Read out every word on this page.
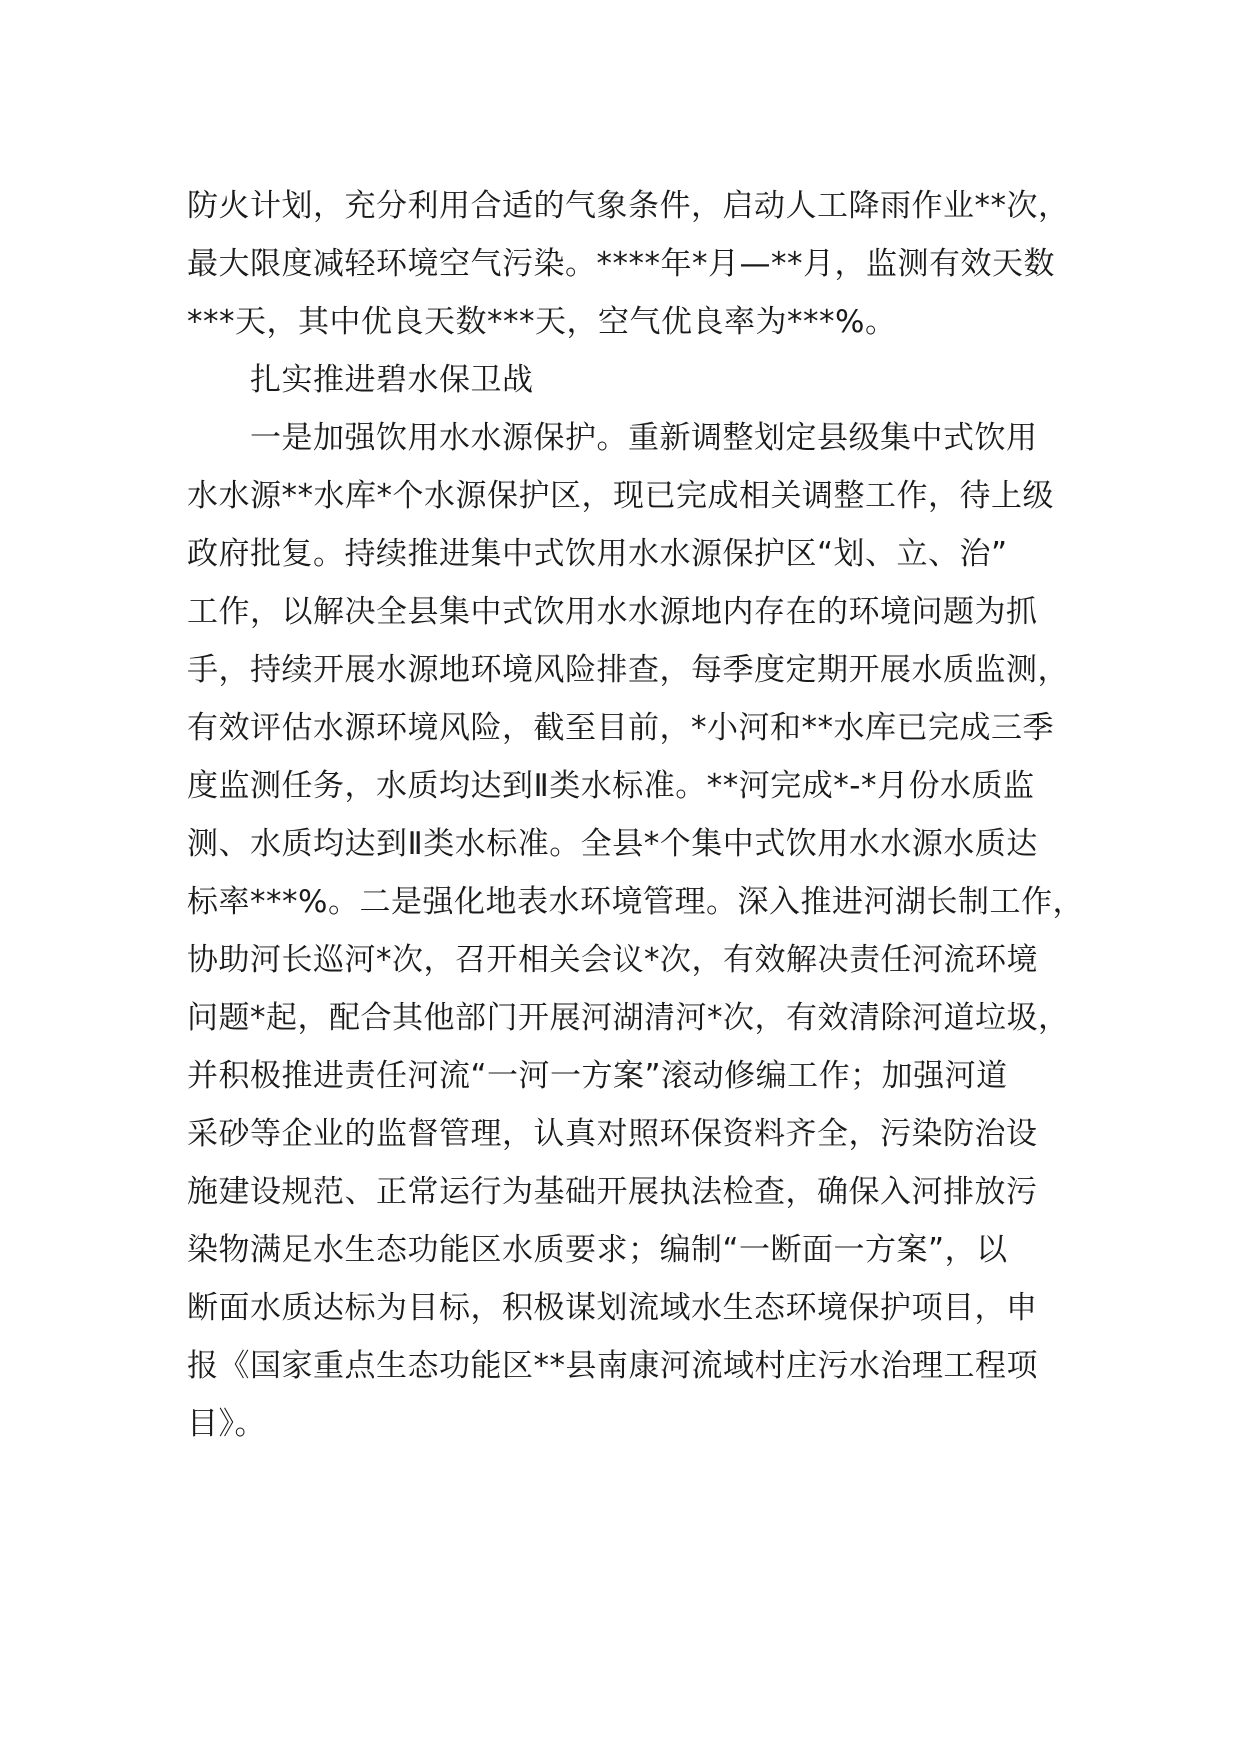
防火计划，充分利用合适的气象条件，启动人工降雨作业**次，
最大限度减轻环境空气污染。****年*月—**月，监测有效天数
***天，其中优良天数***天，空气优良率为***%。
扎实推进碧水保卫战
一是加强饮用水水源保护。重新调整划定县级集中式饮用
水水源**水库*个水源保护区，现已完成相关调整工作，待上级
政府批复。持续推进集中式饮用水水源保护区“划、立、治”
工作，以解决全县集中式饮用水水源地内存在的环境问题为抓
手，持续开展水源地环境风险排查，每季度定期开展水质监测，
有效评估水源环境风险，截至目前，*小河和**水库已完成三季
度监测任务，水质均达到Ⅱ类水标准。**河完成*-*月份水质监
测、水质均达到Ⅱ类水标准。全县*个集中式饮用水水源水质达
标率***%。二是强化地表水环境管理。深入推进河湖长制工作，
协助河长巡河*次，召开相关会议*次，有效解决责任河流环境
问题*起，配合其他部门开展河湖清河*次，有效清除河道垃圾，
并积极推进责任河流“一河一方案”滚动修编工作；加强河道
采砂等企业的监督管理，认真对照环保资料齐全，污染防治设
施建设规范、正常运行为基础开展执法检查，确保入河排放污
染物满足水生态功能区水质要求；编制“一断面一方案”，以
断面水质达标为目标，积极谋划流域水生态环境保护项目，申
报《国家重点生态功能区**县南康河流域村庄污水治理工程项
目》。
